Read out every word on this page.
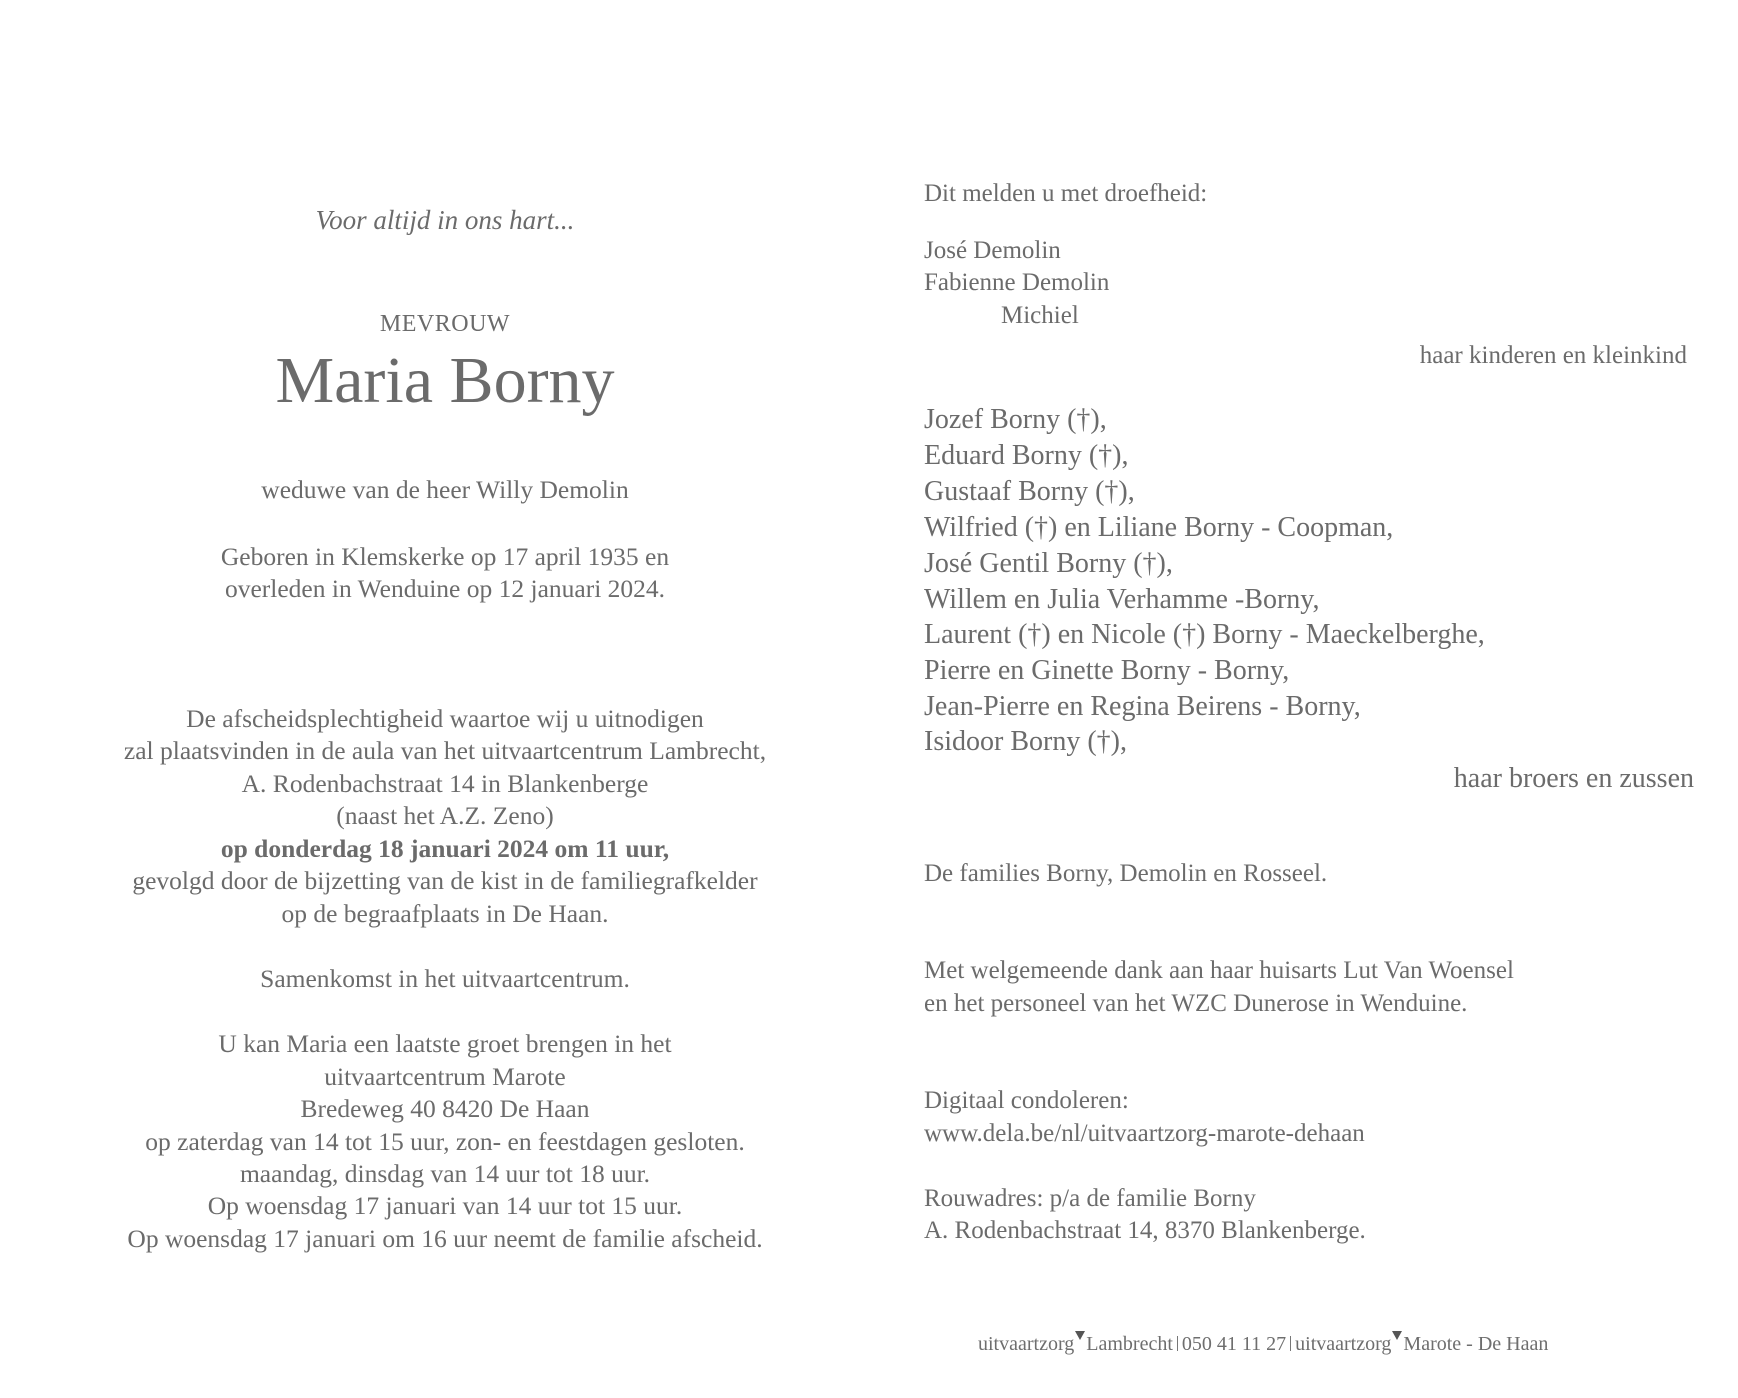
Voor altijd in ons hart...
MEVROUW
Maria Borny
weduwe van de heer Willy Demolin
Geboren in Klemskerke op 17 april 1935 en
overleden in Wenduine op 12 januari 2024.
De afscheidsplechtigheid waartoe wij u uitnodigen
zal plaatsvinden in de aula van het uitvaartcentrum Lambrecht,
A. Rodenbachstraat 14 in Blankenberge
(naast het A.Z. Zeno)
op donderdag 18 januari 2024 om 11 uur,
gevolgd door de bijzetting van de kist in de familiegrafkelder
op de begraafplaats in De Haan.
Samenkomst in het uitvaartcentrum.
U kan Maria een laatste groet brengen in het
uitvaartcentrum Marote
Bredeweg 40 8420 De Haan
op zaterdag van 14 tot 15 uur, zon- en feestdagen gesloten.
maandag, dinsdag van 14 uur tot 18 uur.
Op woensdag 17 januari van 14 uur tot 15 uur.
Op woensdag 17 januari om 16 uur neemt de familie afscheid.
Dit melden u met droefheid:
José Demolin
Fabienne Demolin
Michiel
haar kinderen en kleinkind
Jozef Borny (†),
Eduard Borny (†),
Gustaaf Borny (†),
Wilfried (†) en Liliane Borny - Coopman,
José Gentil Borny (†),
Willem en Julia Verhamme -Borny,
Laurent (†) en Nicole (†) Borny - Maeckelberghe,
Pierre en Ginette Borny - Borny,
Jean-Pierre en Regina Beirens - Borny,
Isidoor Borny (†),
haar broers en zussen
De families Borny, Demolin en Rosseel.
Met welgemeende dank aan haar huisarts Lut Van Woensel
en het personeel van het WZC Dunerose in Wenduine.
Digitaal condoleren:
www.dela.be/nl/uitvaartzorg-marote-dehaan
Rouwadres: p/a de familie Borny
A. Rodenbachstraat 14, 8370 Blankenberge.
uitvaartzorg Lambrecht 050 41 11 27 uitvaartzorg Marote - De Haan
